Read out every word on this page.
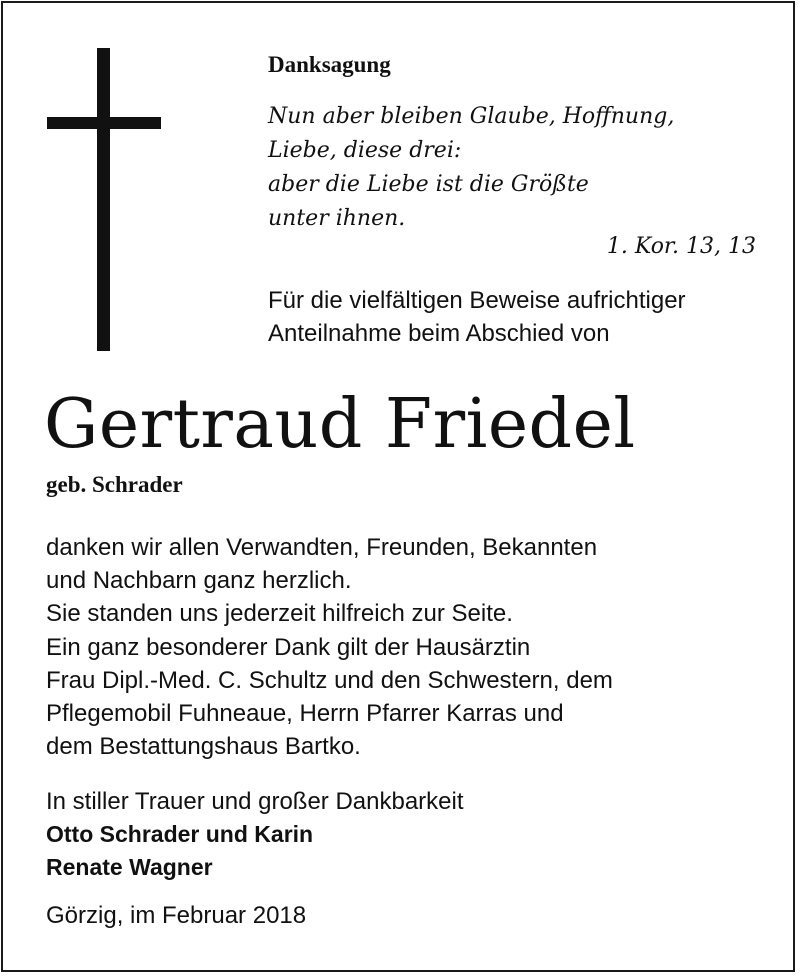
Danksagung
Nun aber bleiben Glaube, Hoffnung,
Liebe, diese drei:
aber die Liebe ist die Größte
unter ihnen.
1. Kor. 13, 13
Für die vielfältigen Beweise aufrichtiger
Anteilnahme beim Abschied von
Gertraud Friedel
geb. Schrader
danken wir allen Verwandten, Freunden, Bekannten
und Nachbarn ganz herzlich.
Sie standen uns jederzeit hilfreich zur Seite.
Ein ganz besonderer Dank gilt der Hausärztin
Frau Dipl.-Med. C. Schultz und den Schwestern, dem
Pflegemobil Fuhneaue, Herrn Pfarrer Karras und
dem Bestattungshaus Bartko.
In stiller Trauer und großer Dankbarkeit
Otto Schrader und Karin
Renate Wagner
Görzig, im Februar 2018
